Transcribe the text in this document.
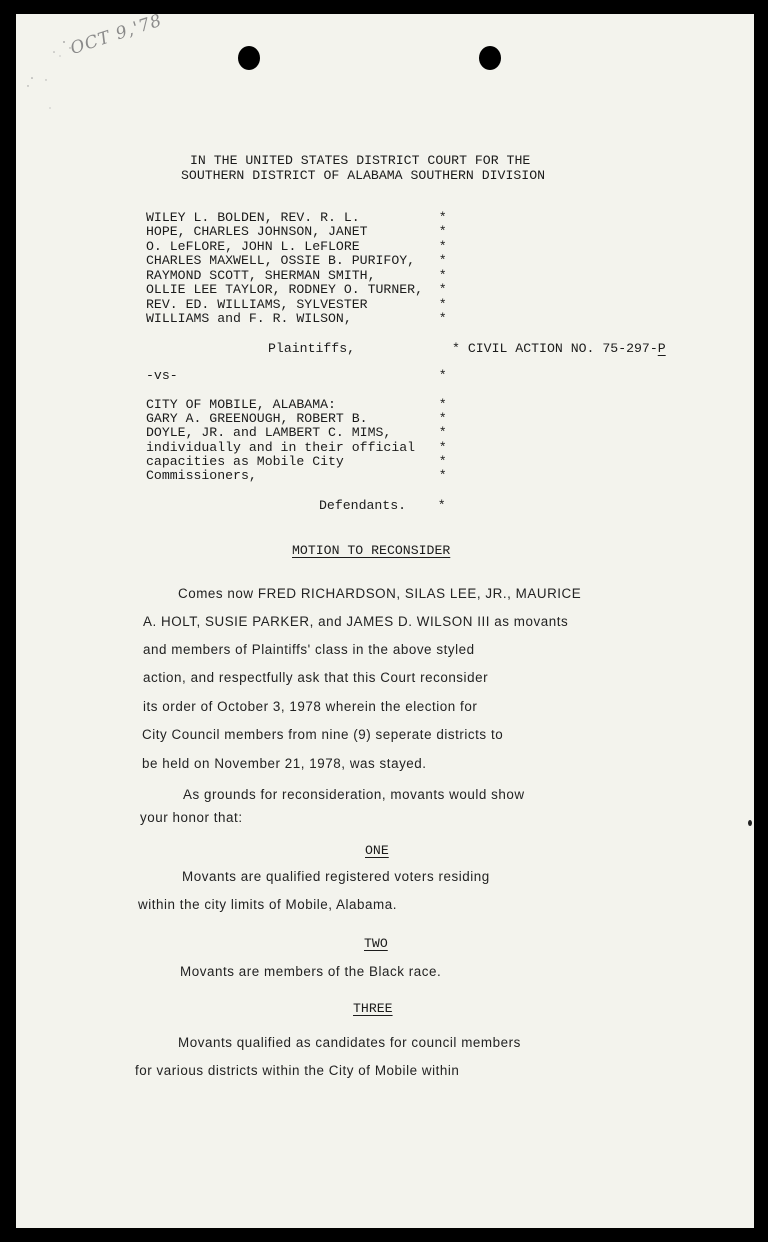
OCT 9,'78
IN THE UNITED STATES DISTRICT COURT FOR THE
SOUTHERN DISTRICT OF ALABAMA SOUTHERN DIVISION
WILEY L. BOLDEN, REV. R. L.          *
HOPE, CHARLES JOHNSON, JANET         *
O. LeFLORE, JOHN L. LeFLORE          *
CHARLES MAXWELL, OSSIE B. PURIFOY,   *
RAYMOND SCOTT, SHERMAN SMITH,        *
OLLIE LEE TAYLOR, RODNEY O. TURNER,  *
REV. ED. WILLIAMS, SYLVESTER         *
WILLIAMS and F. R. WILSON,           *
Plaintiffs,	* CIVIL ACTION NO. 75-297-P
-vs-                                 *
CITY OF MOBILE, ALABAMA:             *
GARY A. GREENOUGH, ROBERT B.         *
DOYLE, JR. and LAMBERT C. MIMS,      *
individually and in their official   *
capacities as Mobile City            *
Commissioners,                       *
Defendants.    *
MOTION TO RECONSIDER
Comes now FRED RICHARDSON, SILAS LEE, JR., MAURICE
A. HOLT, SUSIE PARKER, and JAMES D. WILSON III as movants
and members of Plaintiffs' class in the above styled
action, and respectfully ask that this Court reconsider
its order of October 3, 1978 wherein the election for
City Council members from nine (9) seperate districts to
be held on November 21, 1978, was stayed.
As grounds for reconsideration, movants would show
your honor that:
ONE
Movants are qualified registered voters residing
within the city limits of Mobile, Alabama.
TWO
Movants are members of the Black race.
THREE
Movants qualified as candidates for council members
for various districts within the City of Mobile within
